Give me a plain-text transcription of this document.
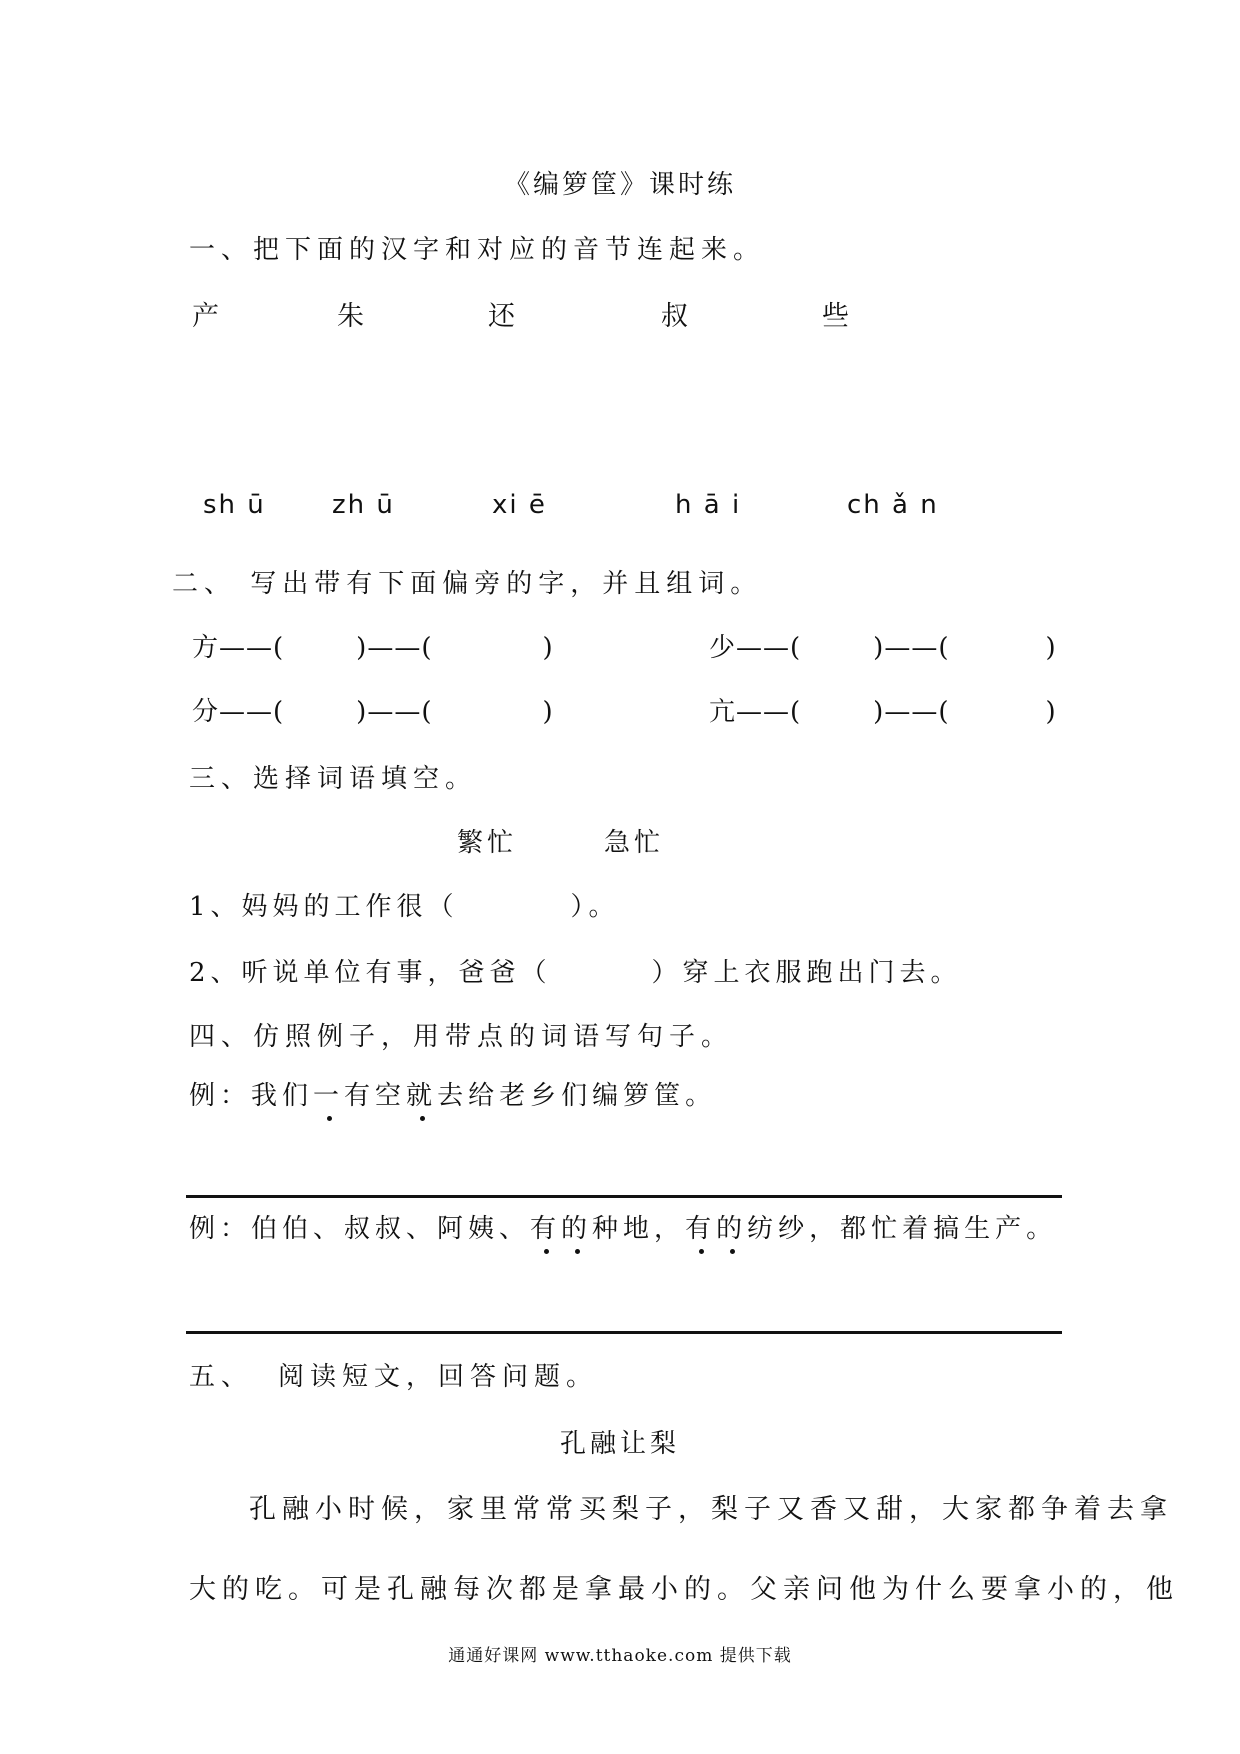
《编箩筐》课时练
一、把下面的汉字和对应的音节连起来。
产	朱	还	叔	些
sh ū	zh ū	xi ē	h ā i	ch ǎ n
二、 写出带有下面偏旁的字，并且组词。
方——(	)——(	)	少——(	)——(	)
分——(	)——(	)	亢——(	)——(	)
三、选择词语填空。
繁忙	急忙
1、妈妈的工作很（	）。
2、听说单位有事，爸爸（	）穿上衣服跑出门去。
四、仿照例子，用带点的词语写句子。
例：我们一有空就去给老乡们编箩筐。
例：伯伯、叔叔、阿姨、有的种地，有的纺纱，都忙着搞生产。
五、 阅读短文，回答问题。
孔融让梨
孔融小时候，家里常常买梨子，梨子又香又甜，大家都争着去拿
大的吃。可是孔融每次都是拿最小的。父亲问他为什么要拿小的，他
通通好课网 www.tthaoke.com 提供下载
